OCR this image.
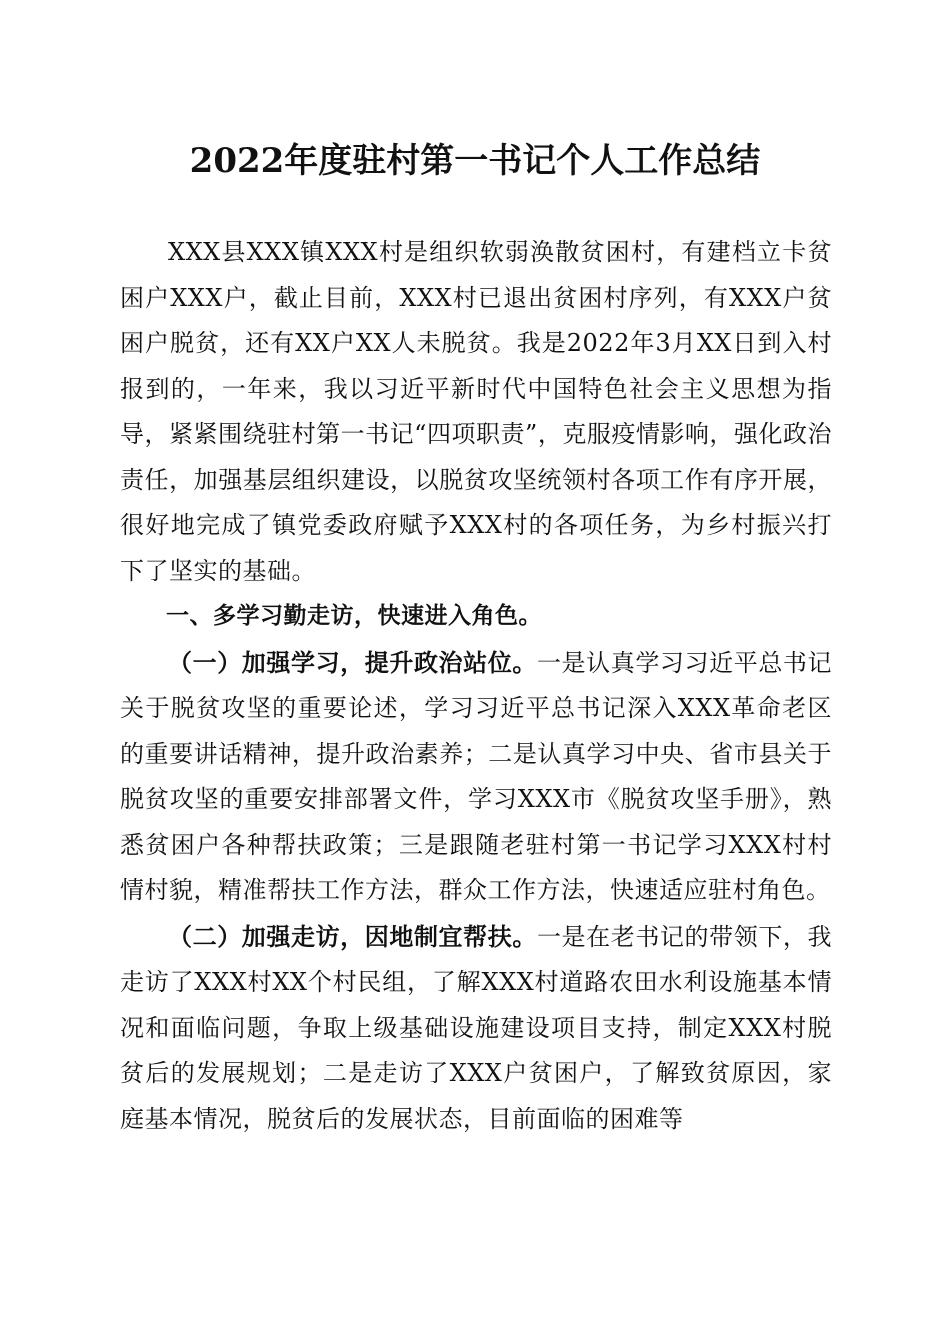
2022年度驻村第一书记个人工作总结

XXX县XXX镇XXX村是组织软弱涣散贫困村，有建档立卡贫困户XXX户，截止目前，XXX村已退出贫困村序列，有XXX户贫困户脱贫，还有XX户XX人未脱贫。我是2022年3月XX日到入村报到的，一年来，我以习近平新时代中国特色社会主义思想为指导，紧紧围绕驻村第一书记“四项职责”，克服疫情影响，强化政治责任，加强基层组织建设，以脱贫攻坚统领村各项工作有序开展，很好地完成了镇党委政府赋予XXX村的各项任务，为乡村振兴打下了坚实的基础。

一、多学习勤走访，快速进入角色。

（一）加强学习，提升政治站位。一是认真学习习近平总书记关于脱贫攻坚的重要论述，学习习近平总书记深入XXX革命老区的重要讲话精神，提升政治素养；二是认真学习中央、省市县关于脱贫攻坚的重要安排部署文件，学习XXX市《脱贫攻坚手册》，熟悉贫困户各种帮扶政策；三是跟随老驻村第一书记学习XXX村村情村貌，精准帮扶工作方法，群众工作方法，快速适应驻村角色。

（二）加强走访，因地制宜帮扶。一是在老书记的带领下，我走访了XXX村XX个村民组，了解XXX村道路农田水利设施基本情况和面临问题，争取上级基础设施建设项目支持，制定XXX村脱贫后的发展规划；二是走访了XXX户贫困户，了解致贫原因，家庭基本情况，脱贫后的发展状态，目前面临的困难等
